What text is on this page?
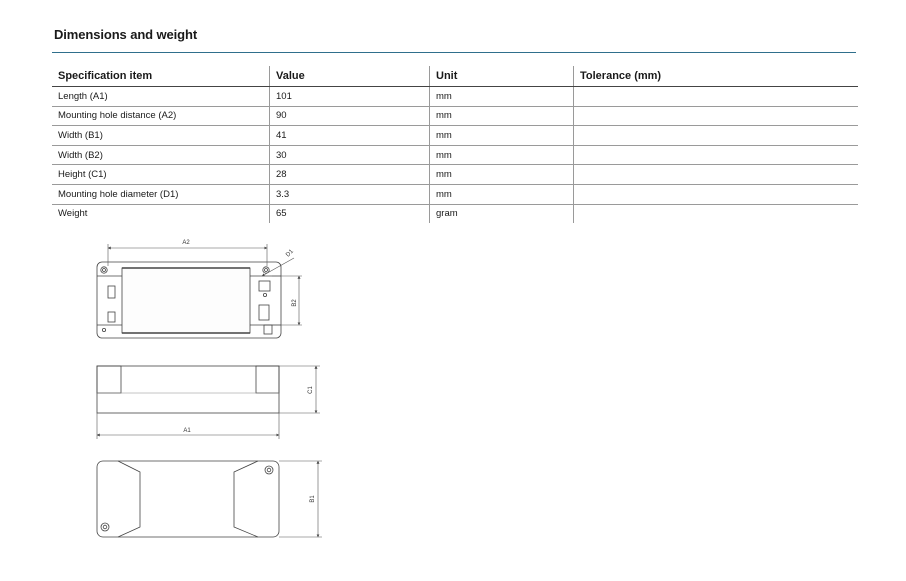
Dimensions and weight
Specification item	Value	Unit	Tolerance (mm)
Length (A1)	101	mm	
Mounting hole distance (A2)	90	mm	
Width (B1)	41	mm	
Width (B2)	30	mm	
Height (C1)	28	mm	
Mounting hole diameter (D1)	3.3	mm	
Weight	65	gram	
A2
D1
B2
C1
A1
B1
